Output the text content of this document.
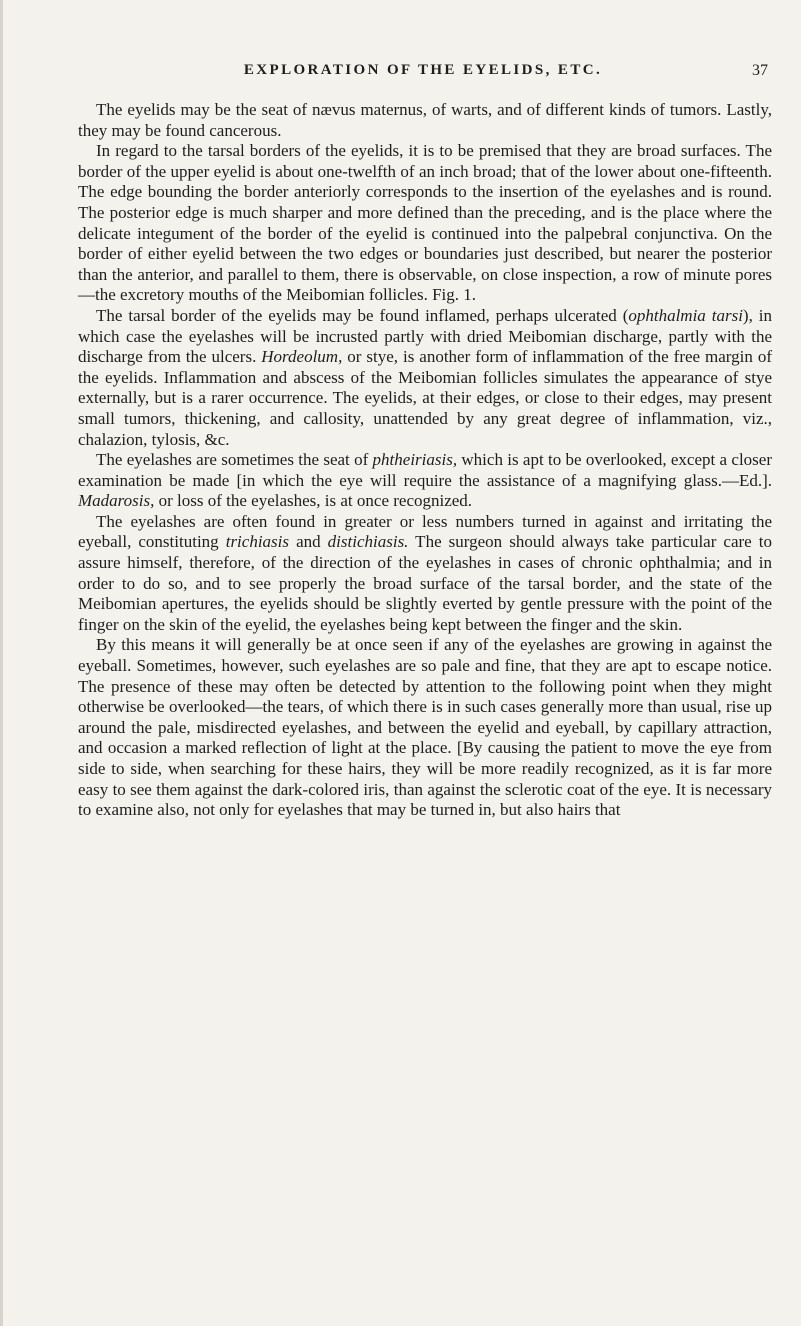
EXPLORATION OF THE EYELIDS, ETC.	37

The eyelids may be the seat of nævus maternus, of warts, and of different kinds of tumors. Lastly, they may be found cancerous.

In regard to the tarsal borders of the eyelids, it is to be premised that they are broad surfaces. The border of the upper eyelid is about one-twelfth of an inch broad; that of the lower about one-fifteenth. The edge bounding the border anteriorly corresponds to the insertion of the eyelashes and is round. The posterior edge is much sharper and more defined than the preceding, and is the place where the delicate integument of the border of the eyelid is continued into the palpebral conjunctiva. On the border of either eyelid between the two edges or boundaries just described, but nearer the posterior than the anterior, and parallel to them, there is observable, on close inspection, a row of minute pores—the excretory mouths of the Meibomian follicles. Fig. 1.

The tarsal border of the eyelids may be found inflamed, perhaps ulcerated (ophthalmia tarsi), in which case the eyelashes will be incrusted partly with dried Meibomian discharge, partly with the discharge from the ulcers. Hordeolum, or stye, is another form of inflammation of the free margin of the eyelids. Inflammation and abscess of the Meibomian follicles simulates the appearance of stye externally, but is a rarer occurrence. The eyelids, at their edges, or close to their edges, may present small tumors, thickening, and callosity, unattended by any great degree of inflammation, viz., chalazion, tylosis, &c.

The eyelashes are sometimes the seat of phtheiriasis, which is apt to be overlooked, except a closer examination be made [in which the eye will require the assistance of a magnifying glass.—Ed.]. Madarosis, or loss of the eyelashes, is at once recognized.

The eyelashes are often found in greater or less numbers turned in against and irritating the eyeball, constituting trichiasis and distichiasis. The surgeon should always take particular care to assure himself, therefore, of the direction of the eyelashes in cases of chronic ophthalmia; and in order to do so, and to see properly the broad surface of the tarsal border, and the state of the Meibomian apertures, the eyelids should be slightly everted by gentle pressure with the point of the finger on the skin of the eyelid, the eyelashes being kept between the finger and the skin.

By this means it will generally be at once seen if any of the eyelashes are growing in against the eyeball. Sometimes, however, such eyelashes are so pale and fine, that they are apt to escape notice. The presence of these may often be detected by attention to the following point when they might otherwise be overlooked—the tears, of which there is in such cases generally more than usual, rise up around the pale, misdirected eyelashes, and between the eyelid and eyeball, by capillary attraction, and occasion a marked reflection of light at the place. [By causing the patient to move the eye from side to side, when searching for these hairs, they will be more readily recognized, as it is far more easy to see them against the dark-colored iris, than against the sclerotic coat of the eye. It is necessary to examine also, not only for eyelashes that may be turned in, but also hairs that
